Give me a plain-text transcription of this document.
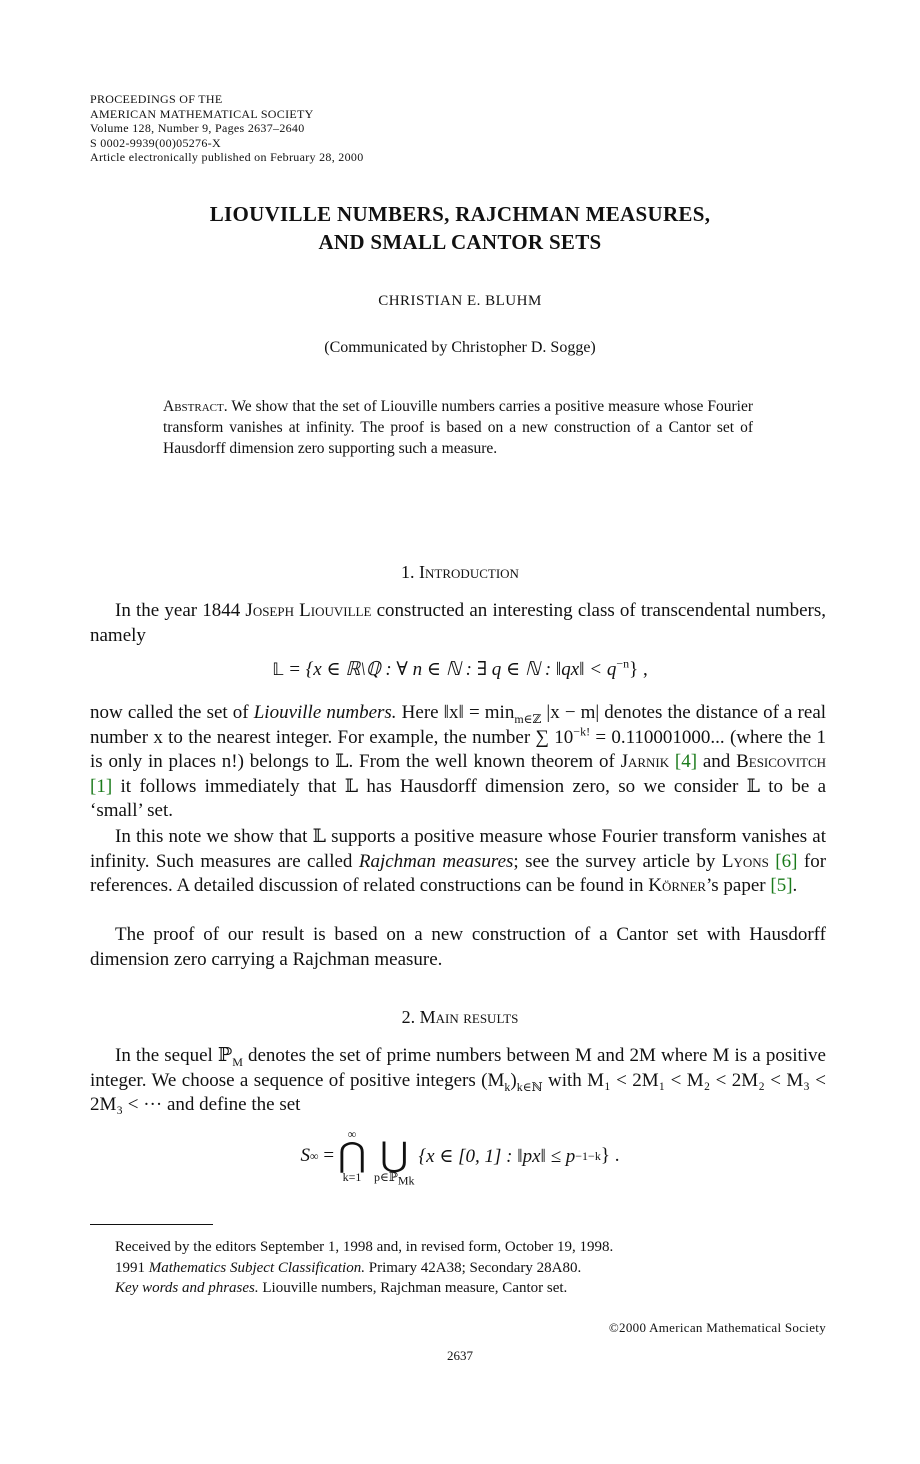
PROCEEDINGS OF THE
AMERICAN MATHEMATICAL SOCIETY
Volume 128, Number 9, Pages 2637–2640
S 0002-9939(00)05276-X
Article electronically published on February 28, 2000
LIOUVILLE NUMBERS, RAJCHMAN MEASURES,
AND SMALL CANTOR SETS
CHRISTIAN E. BLUHM
(Communicated by Christopher D. Sogge)
Abstract. We show that the set of Liouville numbers carries a positive measure whose Fourier transform vanishes at infinity. The proof is based on a new construction of a Cantor set of Hausdorff dimension zero supporting such a measure.
1. Introduction
In the year 1844 Joseph Liouville constructed an interesting class of transcendental numbers, namely
𝕃 = {x ∈ ℝ\ℚ : ∀ n ∈ ℕ : ∃ q ∈ ℕ : ‖qx‖ < $q^{-n}$} ,
now called the set of Liouville numbers. Here ‖x‖ = $\min_{m\in ℤ} |x - m|$ denotes the distance of a real number x to the nearest integer. For example, the number ∑ $10^{-k!} = 0.110001000$... (where the 1 is only in places n!) belongs to 𝕃. From the well known theorem of Jarnik [4] and Besicovitch [1] it follows immediately that 𝕃 has Hausdorff dimension zero, so we consider 𝕃 to be a ‘small’ set.
In this note we show that 𝕃 supports a positive measure whose Fourier transform vanishes at infinity. Such measures are called Rajchman measures; see the survey article by Lyons [6] for references. A detailed discussion of related constructions can be found in Körner’s paper [5].
The proof of our result is based on a new construction of a Cantor set with Hausdorff dimension zero carrying a Rajchman measure.
2. Main results
In the sequel ℙ$_M$ denotes the set of prime numbers between M and 2M where M is a positive integer. We choose a sequence of positive integers $(M_k)_{k\in ℕ}$ with M₁ < 2M₁ < M₂ < 2M₂ < M₃ < 2M₃ < ··· and define the set
S ∞
=
∞
⋂
k=1

⋃
p∈ℙ$_{Mk}$
{x ∈ [0, 1] : ‖px‖ ≤ p −1−k } .
Received by the editors September 1, 1998 and, in revised form, October 19, 1998.
1991 Mathematics Subject Classification. Primary 42A38; Secondary 28A80.
Key words and phrases. Liouville numbers, Rajchman measure, Cantor set.
©2000 American Mathematical Society
2637
